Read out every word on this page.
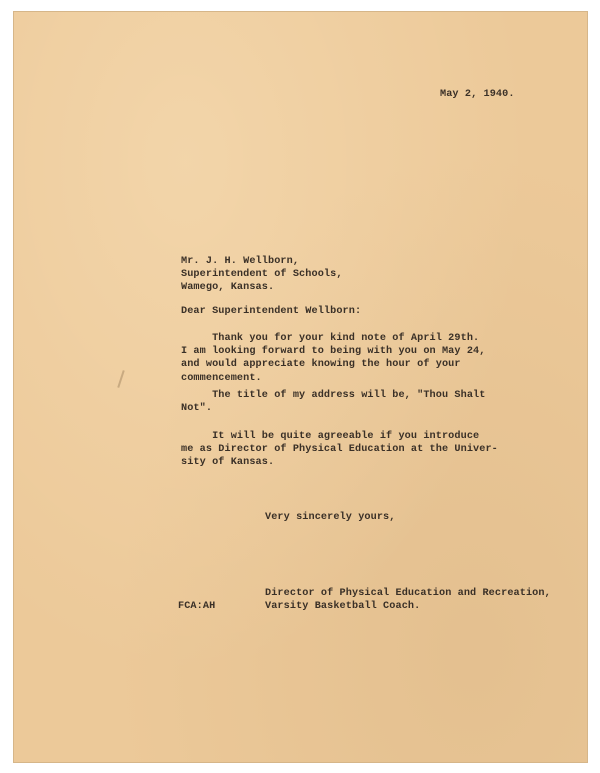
May 2, 1940.
Mr. J. H. Wellborn,
Superintendent of Schools,
Wamego, Kansas.
Dear Superintendent Wellborn:
Thank you for your kind note of April 29th.
I am looking forward to being with you on May 24,
and would appreciate knowing the hour of your
commencement.
The title of my address will be, "Thou Shalt
Not".
It will be quite agreeable if you introduce
me as Director of Physical Education at the Univer-
sity of Kansas.
Very sincerely yours,
Director of Physical Education and Recreation,
Varsity Basketball Coach.
FCA:AH
